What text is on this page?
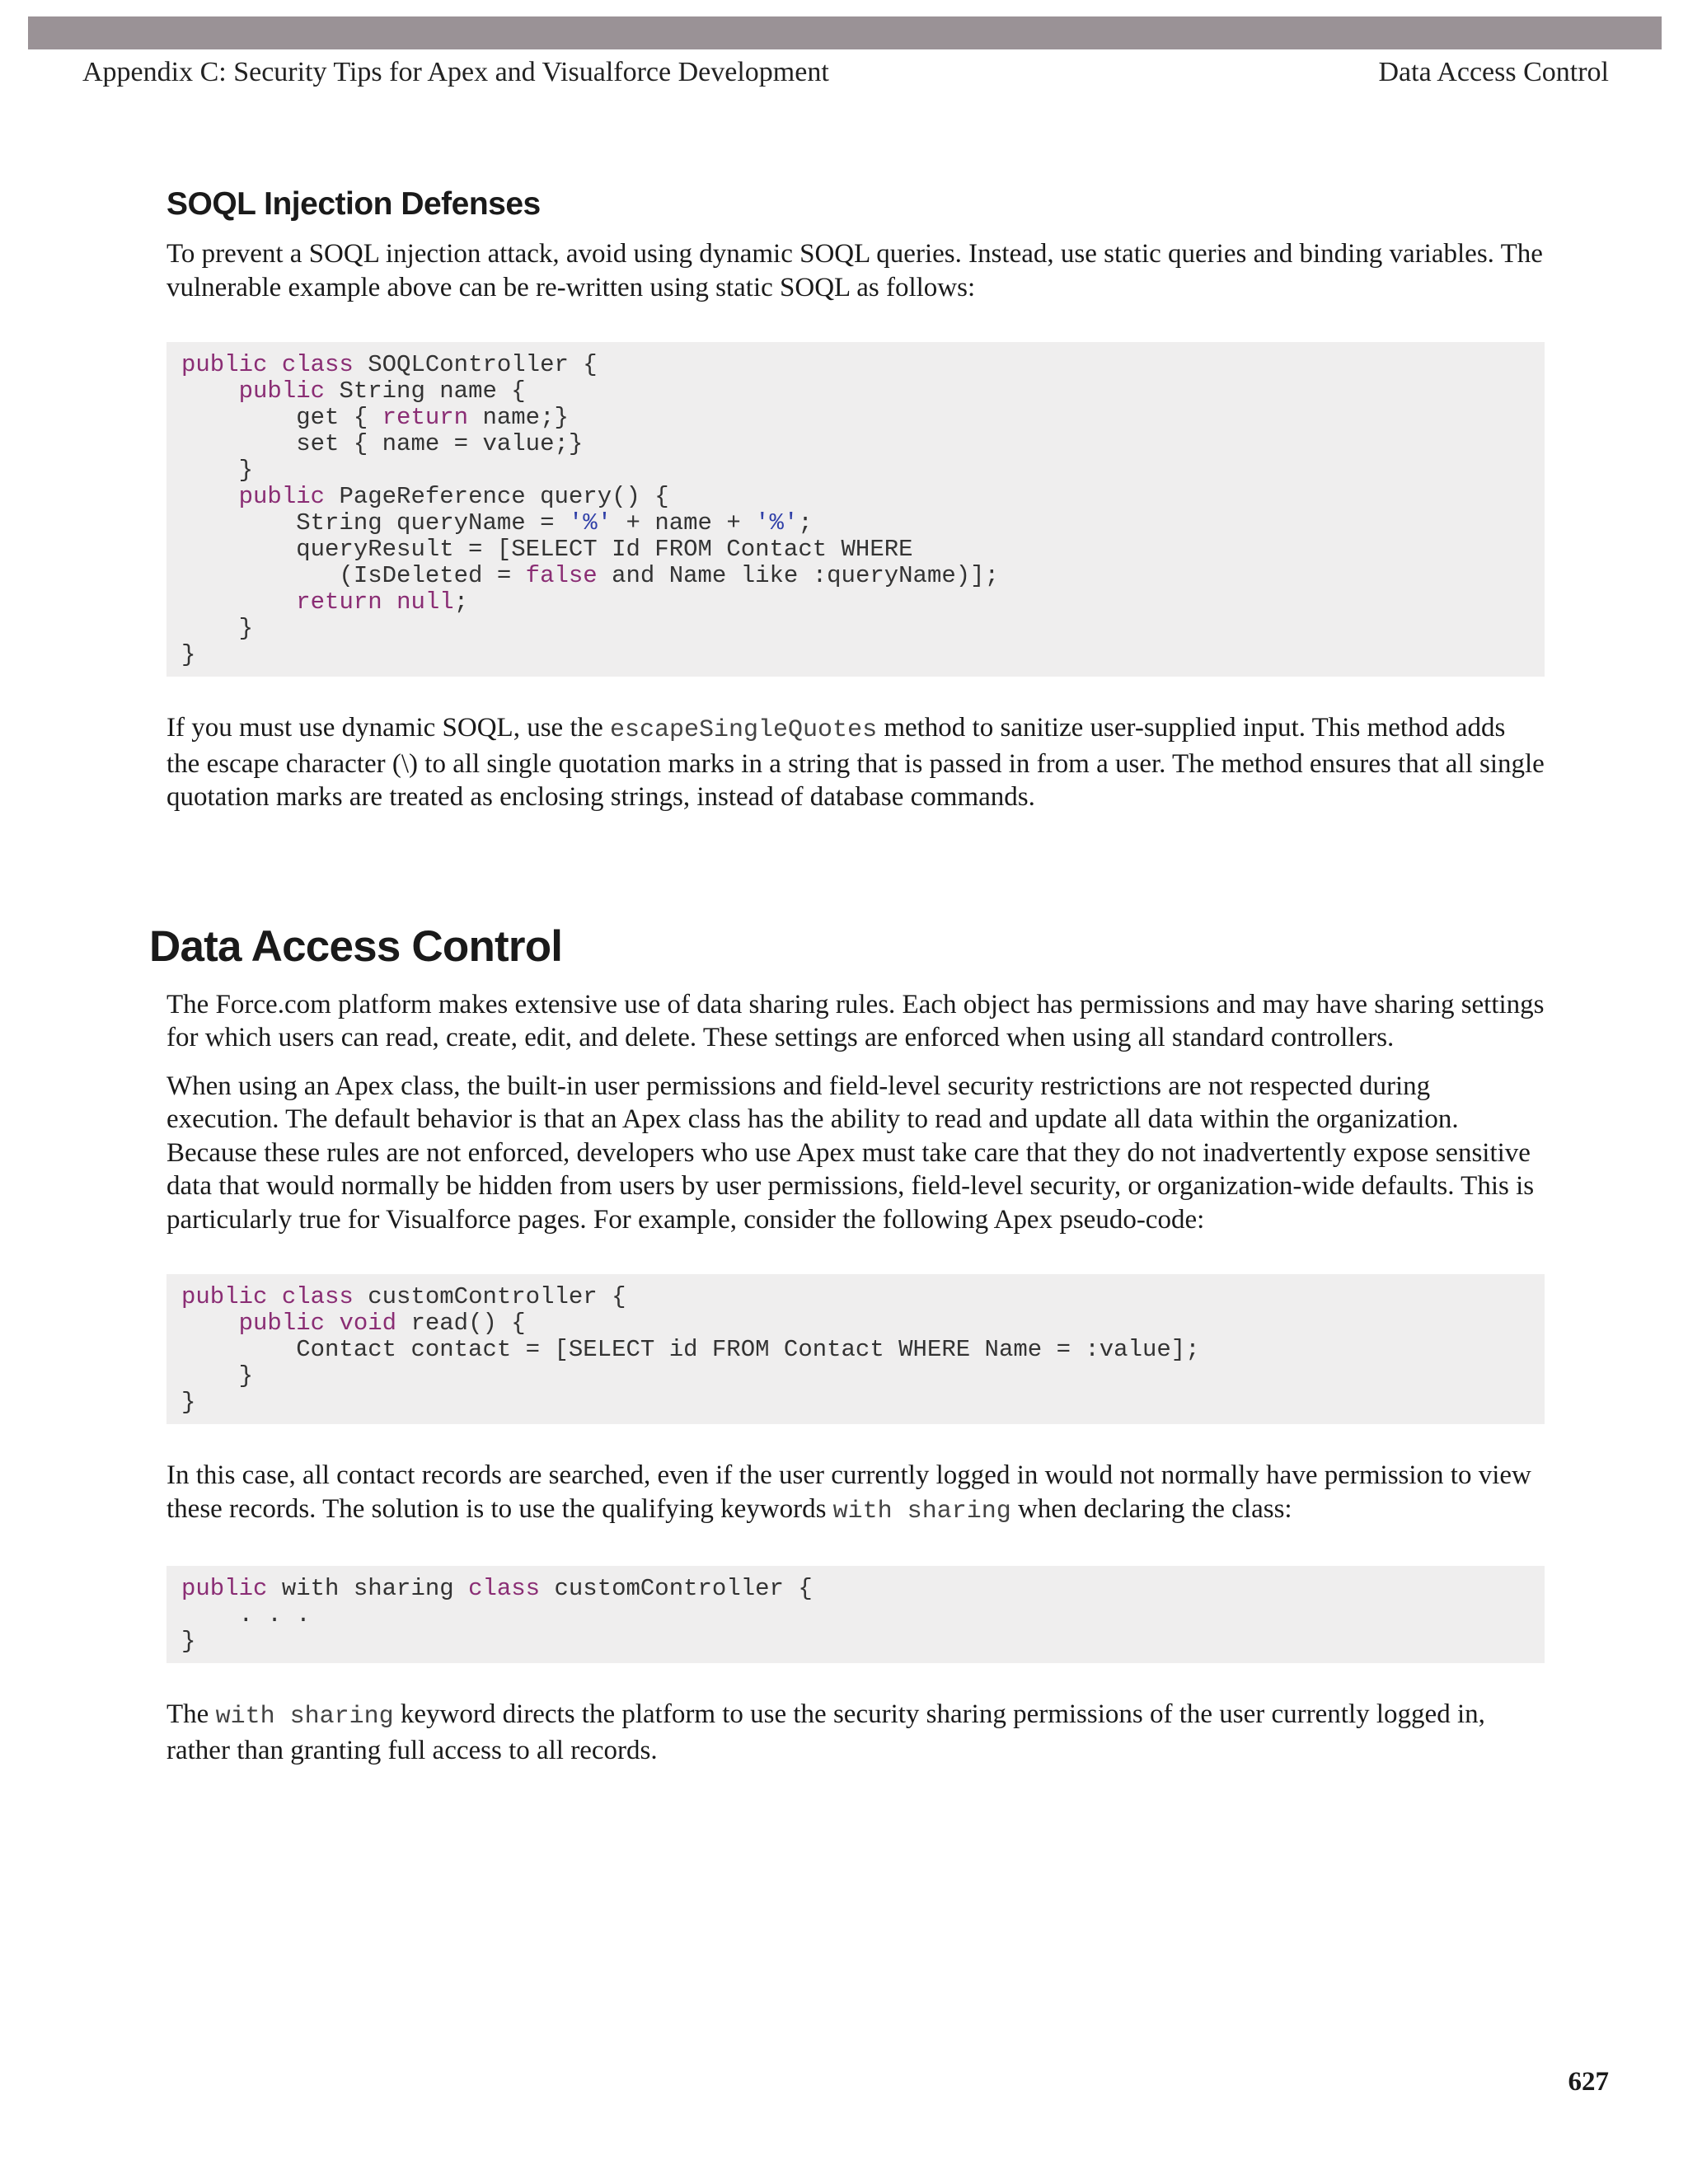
Appendix C: Security Tips for Apex and Visualforce Development	Data Access Control
SOQL Injection Defenses

To prevent a SOQL injection attack, avoid using dynamic SOQL queries. Instead, use static queries and binding variables. The vulnerable example above can be re-written using static SOQL as follows:

public class SOQLController {
public String name {
get { return name;}
set { name = value;}
}
public PageReference query() {
String queryName = '%' + name + '%';
queryResult = [SELECT Id FROM Contact WHERE
(IsDeleted = false and Name like :queryName)];
return null;
}
}

If you must use dynamic SOQL, use the escapeSingleQuotes method to sanitize user-supplied input. This method adds the escape character (\) to all single quotation marks in a string that is passed in from a user. The method ensures that all single quotation marks are treated as enclosing strings, instead of database commands.

Data Access Control

The Force.com platform makes extensive use of data sharing rules. Each object has permissions and may have sharing settings for which users can read, create, edit, and delete. These settings are enforced when using all standard controllers.

When using an Apex class, the built-in user permissions and field-level security restrictions are not respected during execution. The default behavior is that an Apex class has the ability to read and update all data within the organization. Because these rules are not enforced, developers who use Apex must take care that they do not inadvertently expose sensitive data that would normally be hidden from users by user permissions, field-level security, or organization-wide defaults. This is particularly true for Visualforce pages. For example, consider the following Apex pseudo-code:

public class customController {
public void read() {
Contact contact = [SELECT id FROM Contact WHERE Name = :value];
}
}

In this case, all contact records are searched, even if the user currently logged in would not normally have permission to view these records. The solution is to use the qualifying keywords with sharing when declaring the class:

public with sharing class customController {
. . .
}

The with sharing keyword directs the platform to use the security sharing permissions of the user currently logged in, rather than granting full access to all records.

627
